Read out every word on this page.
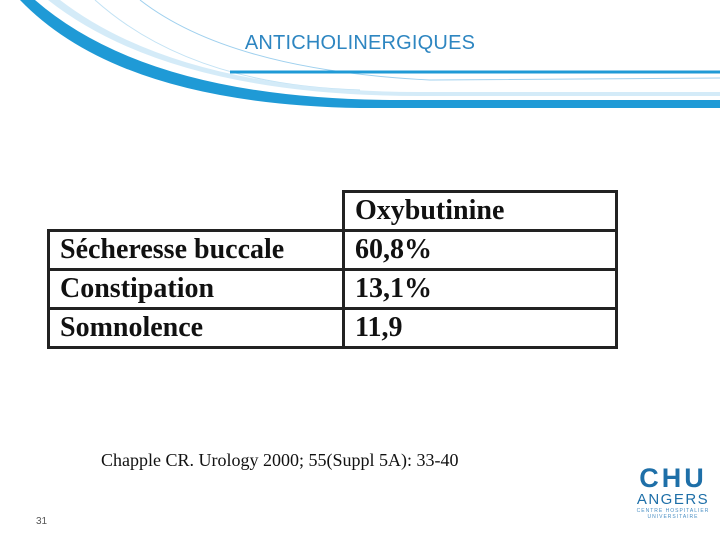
ANTICHOLINERGIQUES
	Oxybutinine
Sécheresse buccale	60,8%
Constipation	13,1%
Somnolence	11,9
Chapple CR. Urology 2000; 55(Suppl 5A): 33-40
31
CHU
ANGERS
CENTRE HOSPITALIER
UNIVERSITAIRE
